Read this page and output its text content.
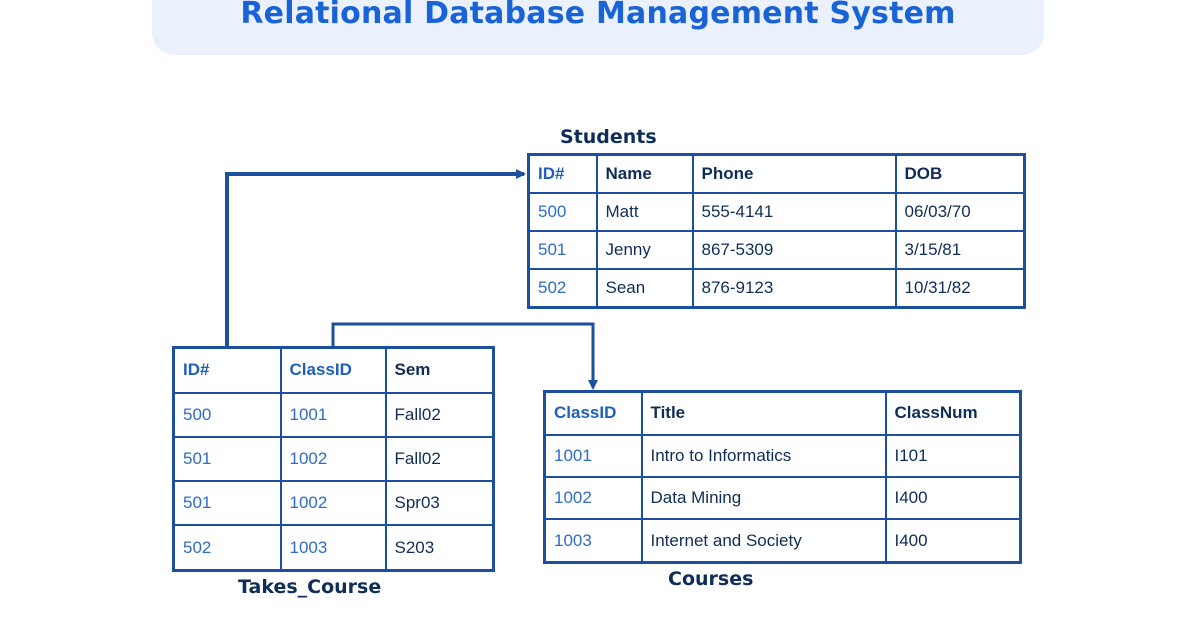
Relational Database Management System
Students
ID#	Name	Phone	DOB
500	Matt	555-4141	06/03/70
501	Jenny	867-5309	3/15/81
502	Sean	876-9123	10/31/82
ID#	ClassID	Sem
500	1001	Fall02
501	1002	Fall02
501	1002	Spr03
502	1003	S203
Takes_Course
ClassID	Title	ClassNum
1001	Intro to Informatics	I101
1002	Data Mining	I400
1003	Internet and Society	I400
Courses
